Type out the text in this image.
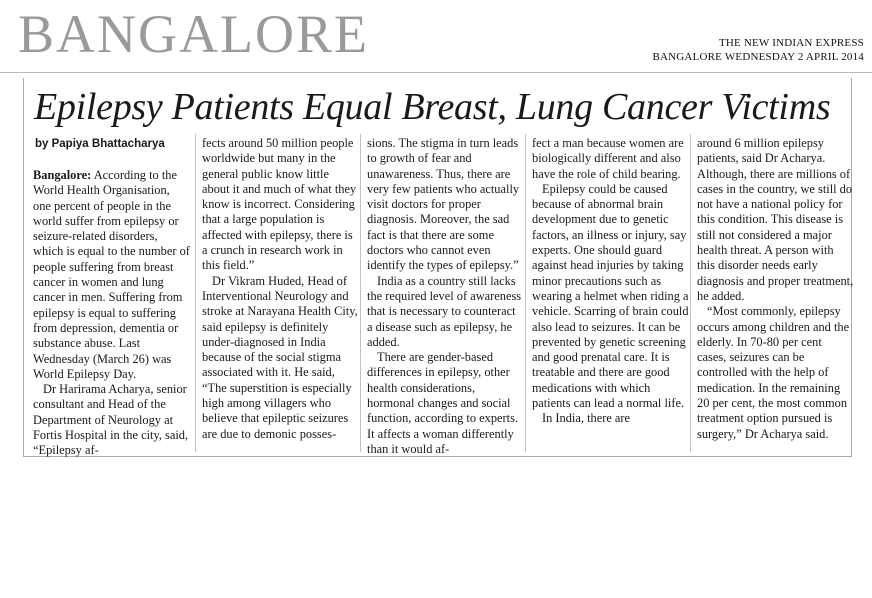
BANGALORE	THE NEW INDIAN EXPRESS
BANGALORE WEDNESDAY 2 APRIL 2014
Epilepsy Patients Equal Breast, Lung Cancer Victims
by Papiya Bhattacharya

Bangalore: According to the World Health Organisation, one percent of people in the world suffer from epilepsy or seizure-related disorders, which is equal to the number of people suffering from breast cancer in women and lung cancer in men. Suffering from epilepsy is equal to suffering from depression, dementia or substance abuse. Last Wednesday (March 26) was World Epilepsy Day.

Dr Harirama Acharya, senior consultant and Head of the Department of Neurology at Fortis Hospital in the city, said, “Epilepsy af-

fects around 50 million people worldwide but many in the general public know little about it and much of what they know is incorrect. Considering that a large population is affected with epilepsy, there is a crunch in research work in this field.”

Dr Vikram Huded, Head of Interventional Neurology and stroke at Narayana Health City, said epilepsy is definitely under-diagnosed in India because of the social stigma associated with it. He said, “The superstition is especially high among villagers who believe that epileptic seizures are due to demonic posses-

sions. The stigma in turn leads to growth of fear and unawareness. Thus, there are very few patients who actually visit doctors for proper diagnosis. Moreover, the sad fact is that there are some doctors who cannot even identify the types of epilepsy.”

India as a country still lacks the required level of awareness that is necessary to counteract a disease such as epilepsy, he added.

There are gender-based differences in epilepsy, other health considerations, hormonal changes and social function, according to experts. It affects a woman differently than it would af-

fect a man because women are biologically different and also have the role of child bearing.

Epilepsy could be caused because of abnormal brain development due to genetic factors, an illness or injury, say experts. One should guard against head injuries by taking minor precautions such as wearing a helmet when riding a vehicle. Scarring of brain could also lead to seizures. It can be prevented by genetic screening and good prenatal care. It is treatable and there are good medications with which patients can lead a normal life.

In India, there are

around 6 million epilepsy patients, said Dr Acharya. Although, there are millions of cases in the country, we still do not have a national policy for this condition. This disease is still not considered a major health threat. A person with this disorder needs early diagnosis and proper treatment, he added.

“Most commonly, epilepsy occurs among children and the elderly. In 70-80 per cent cases, seizures can be controlled with the help of medication. In the remaining 20 per cent, the most common treatment option pursued is surgery,” Dr Acharya said.
